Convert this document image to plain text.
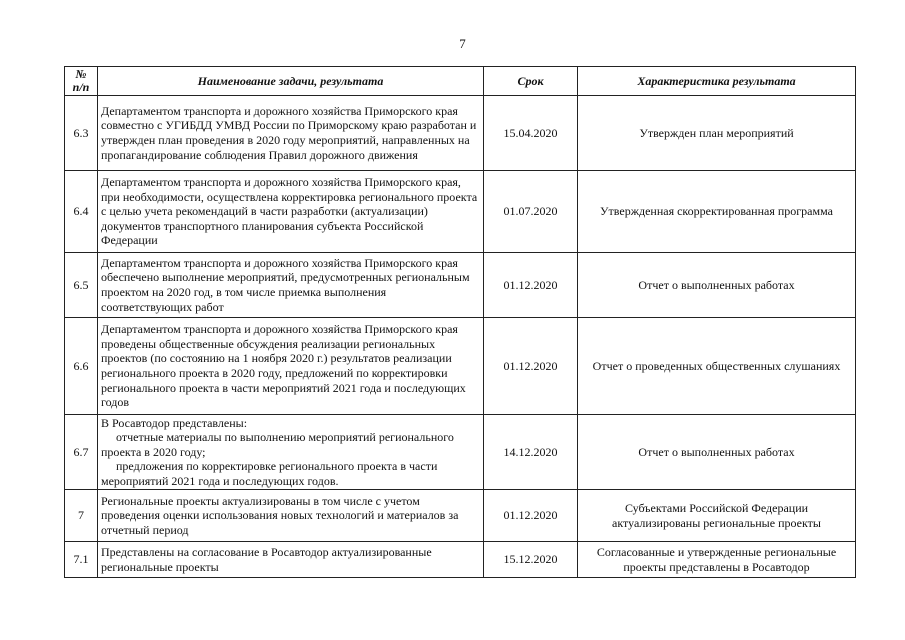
7
№
п/п	Наименование задачи, результата	Срок	Характеристика результата
6.3	Департаментом транспорта и дорожного хозяйства Приморского края совместно с УГИБДД УМВД России по Приморскому краю разработан и утвержден план проведения в 2020 году мероприятий, направленных на пропагандирование соблюдения Правил дорожного движения	15.04.2020	Утвержден план мероприятий
6.4	Департаментом транспорта и дорожного хозяйства Приморского края, при необходимости, осуществлена корректировка регионального проекта с целью учета рекомендаций в части разработки (актуализации) документов транспортного планирования субъекта Российской Федерации	01.07.2020	Утвержденная скорректированная программа
6.5	Департаментом транспорта и дорожного хозяйства Приморского края обеспечено выполнение мероприятий, предусмотренных региональным проектом на 2020 год, в том числе приемка выполнения соответствующих работ	01.12.2020	Отчет о выполненных работах
6.6	Департаментом транспорта и дорожного хозяйства Приморского края проведены общественные обсуждения реализации региональных проектов (по состоянию на 1 ноября 2020 г.) результатов реализации регионального проекта в 2020 году, предложений по корректировки регионального проекта в части мероприятий 2021 года и последующих годов	01.12.2020	Отчет о проведенных общественных слушаниях
6.7	В Росавтодор представлены:
отчетные материалы по выполнению мероприятий регионального проекта в 2020 году;
предложения по корректировке регионального проекта в части мероприятий 2021 года и последующих годов.	14.12.2020	Отчет о выполненных работах
7	Региональные проекты актуализированы в том числе с учетом проведения оценки использования новых технологий и материалов за отчетный период	01.12.2020	Субъектами Российской Федерации актуализированы региональные проекты
7.1	Представлены на согласование в Росавтодор актуализированные региональные проекты	15.12.2020	Согласованные и утвержденные региональные проекты представлены в Росавтодор
